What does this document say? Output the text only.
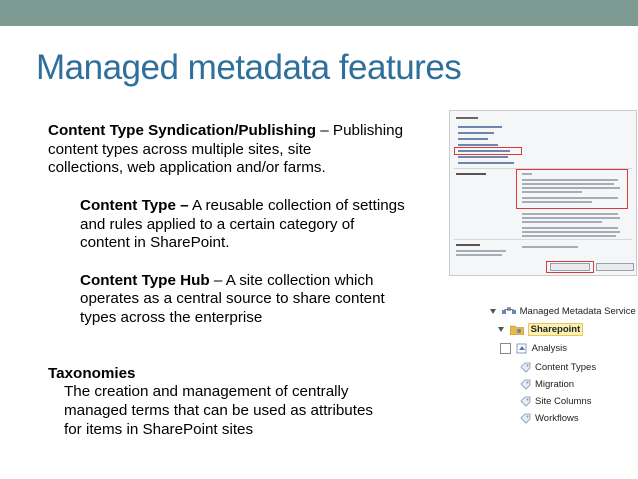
Managed metadata features
Content Type Syndication/Publishing – Publishing
content types across multiple sites, site
collections, web application and/or farms.
Content Type – A reusable collection of settings
and rules applied to a certain category of
content in SharePoint.
Content Type Hub – A site collection which
operates as a central source to share content
types across the enterprise
Taxonomies
The creation and management of centrally
managed terms that can be used as attributes
for items in SharePoint sites
Managed Metadata Service
Sharepoint
Analysis
Content Types
Migration
Site Columns
Workflows
